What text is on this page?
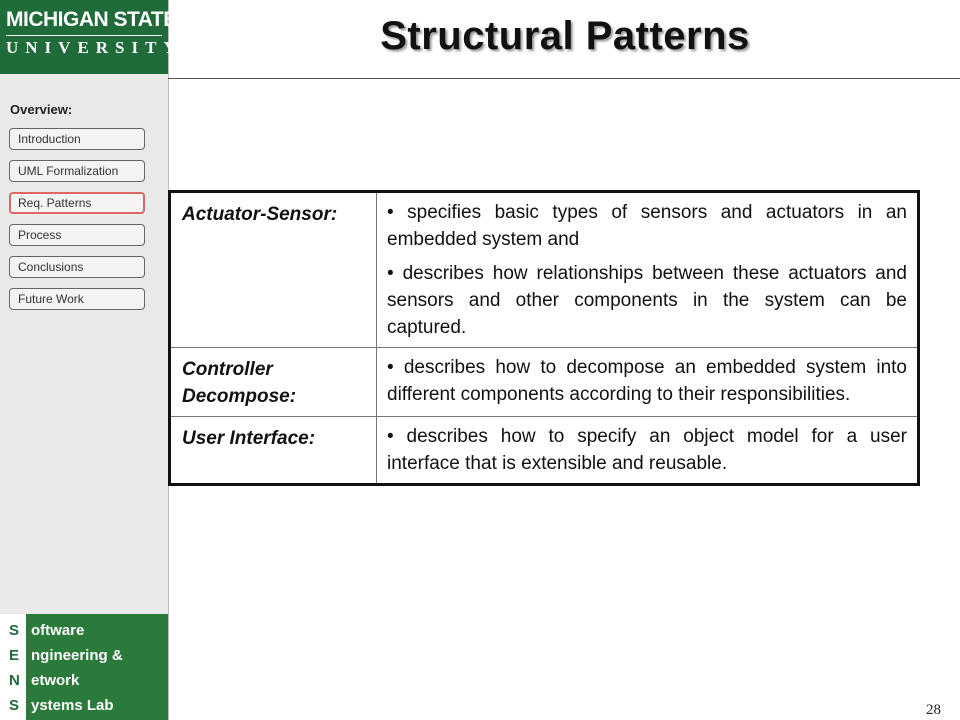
MICHIGAN STATE
UNIVERSITY
Overview:
Introduction
UML Formalization
Req. Patterns
Process
Conclusions
Future Work
S oftware
E ngineering &
N etwork
S ystems Lab
Structural Patterns
Actuator-Sensor:	• specifies basic types of sensors and actuators in an embedded system and
• describes how relationships between these actuators and sensors and other components in the system can be captured.

Controller Decompose:	• describes how to decompose an embedded system into different components according to their responsibilities.

User Interface:	• describes how to specify an object model for a user interface that is extensible and reusable.
28
